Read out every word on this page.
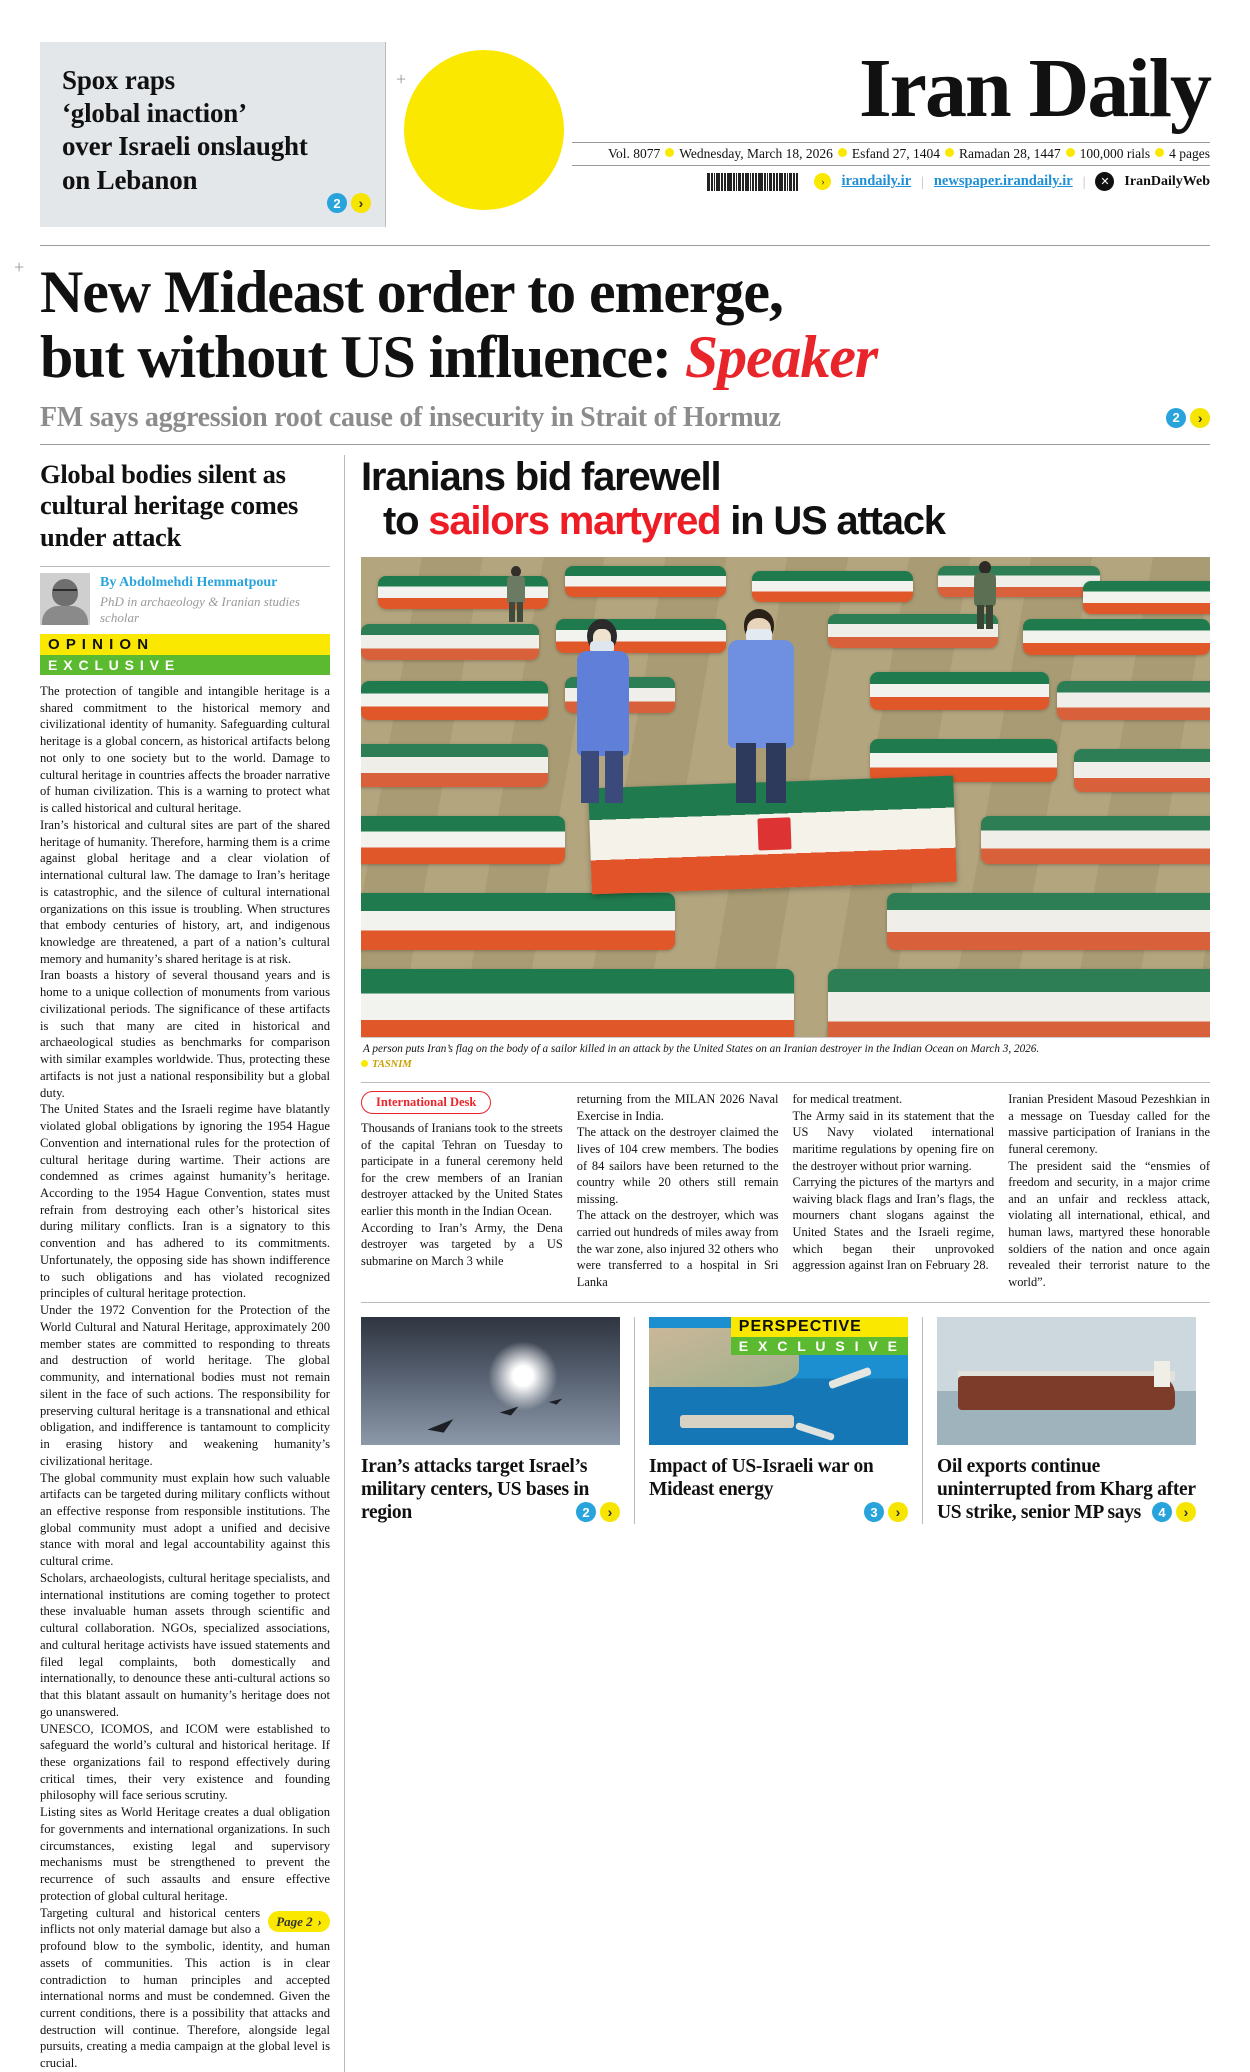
+
+
Spox raps
‘global inaction’
over Israeli onslaught
on Lebanon
2	›
Iran Daily
Vol. 8077 Wednesday, March 18, 2026 Esfand 27, 1404 Ramadan 28, 1447 100,000 rials 4 pages
›	irandaily.ir | newspaper.irandaily.ir |	✕	IranDailyWeb
New Mideast order to emerge,
but without US influence: Speaker
FM says aggression root cause of insecurity in Strait of Hormuz	2	›
Global bodies silent as cultural heritage comes under attack
By Abdolmehdi Hemmatpour
PhD in archaeology & Iranian studies scholar
O P I N I O N
E X C L U S I V E

The protection of tangible and intangible heritage is a shared commitment to the historical memory and civilizational identity of humanity. Safeguarding cultural heritage is a global concern, as historical artifacts belong not only to one society but to the world. Damage to cultural heritage in countries affects the broader narrative of human civilization. This is a warning to protect what is called historical and cultural heritage.

Iran’s historical and cultural sites are part of the shared heritage of humanity. Therefore, harming them is a crime against global heritage and a clear violation of international cultural law. The damage to Iran’s heritage is catastrophic, and the silence of cultural international organizations on this issue is troubling. When structures that embody centuries of history, art, and indigenous knowledge are threatened, a part of a nation’s cultural memory and humanity’s shared heritage is at risk.

Iran boasts a history of several thousand years and is home to a unique collection of monuments from various civilizational periods. The significance of these artifacts is such that many are cited in historical and archaeological studies as benchmarks for comparison with similar examples worldwide. Thus, protecting these artifacts is not just a national responsibility but a global duty.

The United States and the Israeli regime have blatantly violated global obligations by ignoring the 1954 Hague Convention and international rules for the protection of cultural heritage during wartime. Their actions are condemned as crimes against humanity’s heritage. According to the 1954 Hague Convention, states must refrain from destroying each other’s historical sites during military conflicts. Iran is a signatory to this convention and has adhered to its commitments. Unfortunately, the opposing side has shown indifference to such obligations and has violated recognized principles of cultural heritage protection.

Under the 1972 Convention for the Protection of the World Cultural and Natural Heritage, approximately 200 member states are committed to responding to threats and destruction of world heritage. The global community, and international bodies must not remain silent in the face of such actions. The responsibility for preserving cultural heritage is a transnational and ethical obligation, and indifference is tantamount to complicity in erasing history and weakening humanity’s civilizational heritage.

The global community must explain how such valuable artifacts can be targeted during military conflicts without an effective response from responsible institutions. The global community must adopt a unified and decisive stance with moral and legal accountability against this cultural crime.

Scholars, archaeologists, cultural heritage specialists, and international institutions are coming together to protect these invaluable human assets through scientific and cultural collaboration. NGOs, specialized associations, and cultural heritage activists have issued statements and filed legal complaints, both domestically and internationally, to denounce these anti-cultural actions so that this blatant assault on humanity’s heritage does not go unanswered.

UNESCO, ICOMOS, and ICOM were established to safeguard the world’s cultural and historical heritage. If these organizations fail to respond effectively during critical times, their very existence and founding philosophy will face serious scrutiny.

Listing sites as World Heritage creates a dual obligation for governments and international organizations. In such circumstances, existing legal and supervisory mechanisms must be strengthened to prevent the recurrence of such assaults and ensure effective protection of global cultural heritage.

Page 2 ›
Targeting cultural and historical centers inflicts not only material damage but also a profound blow to the symbolic, identity, and human assets of communities. This action is in clear contradiction to human principles and accepted international norms and must be condemned. Given the current conditions, there is a possibility that attacks and destruction will continue. Therefore, alongside legal pursuits, creating a media campaign at the global level is crucial.

Iranians bid farewell
to sailors martyred in US attack
A person puts Iran’s flag on the body of a sailor killed in an attack by the United States on an Iranian destroyer in the Indian Ocean on March 3, 2026.
TASNIM
International Desk

Thousands of Iranians took to the streets of the capital Tehran on Tuesday to participate in a funeral ceremony held for the crew members of an Iranian destroyer attacked by the United States earlier this month in the Indian Ocean.

According to Iran’s Army, the Dena destroyer was targeted by a US submarine on March 3 while

returning from the MILAN 2026 Naval Exercise in India.

The attack on the destroyer claimed the lives of 104 crew members. The bodies of 84 sailors have been returned to the country while 20 others still remain missing.

The attack on the destroyer, which was carried out hundreds of miles away from the war zone, also injured 32 others who were transferred to a hospital in Sri Lanka

for medical treatment.

The Army said in its statement that the US Navy violated international maritime regulations by opening fire on the destroyer without prior warning.

Carrying the pictures of the martyrs and waiving black flags and Iran’s flags, the mourners chant slogans against the United States and the Israeli regime, which began their unprovoked aggression against Iran on February 28.

Iranian President Masoud Pezeshkian in a message on Tuesday called for the massive participation of Iranians in the funeral ceremony.

The president said the “ensmies of freedom and security, in a major crime and an unfair and reckless attack, violating all international, ethical, and human laws, martyred these honorable soldiers of the nation and once again revealed their terrorist nature to the world”.

Iran’s attacks target Israel’s military centers, US bases in region	2	›
PERSPECTIVE
E X C L U S I V E
Impact of US-Israeli war on Mideast energy
3	›
Oil exports continue uninterrupted from Kharg after US strike, senior MP says	4	›
